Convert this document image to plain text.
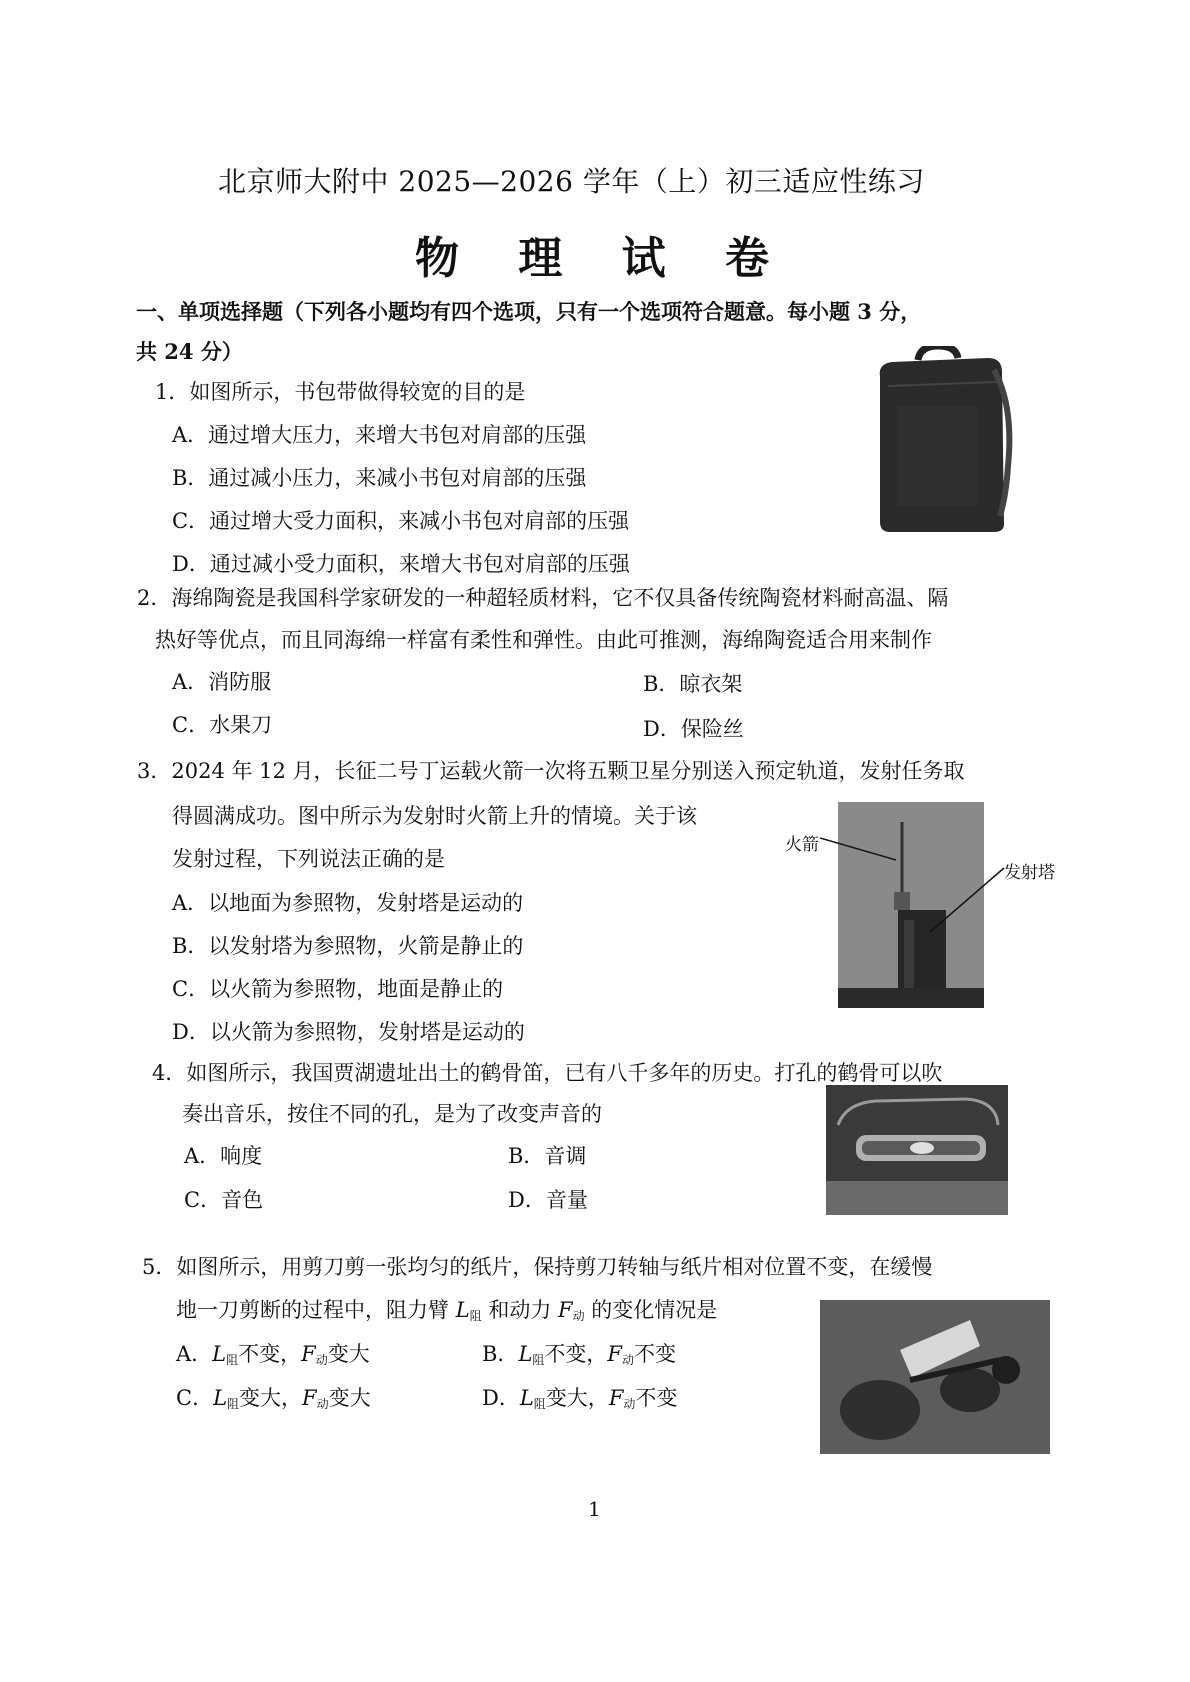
北京师大附中 2025—2026 学年（上）初三适应性练习
物 理 试 卷
一、单项选择题（下列各小题均有四个选项，只有一个选项符合题意。每小题 3 分，
共 24 分）
1．如图所示，书包带做得较宽的目的是
A．通过增大压力，来增大书包对肩部的压强
B．通过减小压力，来减小书包对肩部的压强
C．通过增大受力面积，来减小书包对肩部的压强
D．通过减小受力面积，来增大书包对肩部的压强
2．海绵陶瓷是我国科学家研发的一种超轻质材料，它不仅具备传统陶瓷材料耐高温、隔
热好等优点，而且同海绵一样富有柔性和弹性。由此可推测，海绵陶瓷适合用来制作
A．消防服	B．晾衣架
C．水果刀	D．保险丝
3．2024 年 12 月，长征二号丁运载火箭一次将五颗卫星分别送入预定轨道，发射任务取
得圆满成功。图中所示为发射时火箭上升的情境。关于该
发射过程，下列说法正确的是
A．以地面为参照物，发射塔是运动的
B．以发射塔为参照物，火箭是静止的
C．以火箭为参照物，地面是静止的
D．以火箭为参照物，发射塔是运动的
火箭
发射塔
4．如图所示，我国贾湖遗址出土的鹤骨笛，已有八千多年的历史。打孔的鹤骨可以吹
奏出音乐，按住不同的孔，是为了改变声音的
A．响度	B．音调
C．音色	D．音量
5．如图所示，用剪刀剪一张均匀的纸片，保持剪刀转轴与纸片相对位置不变，在缓慢
地一刀剪断的过程中，阻力臂 $L_阻$ 和动力 $F_动$ 的变化情况是
A．$L_阻$不变，$F_动$变大	B．$L_阻$不变，$F_动$不变
C．$L_阻$变大，$F_动$变大	D．$L_阻$变大，$F_动$不变
1
